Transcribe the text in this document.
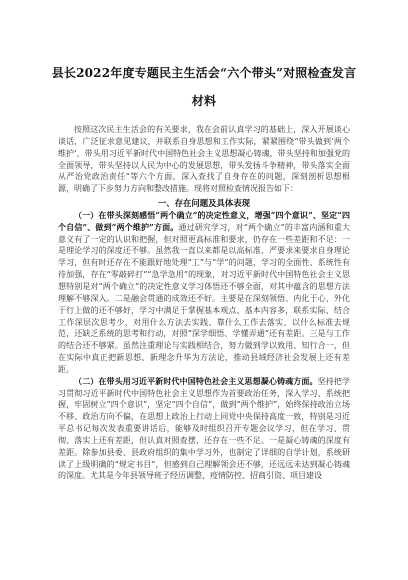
县长2022年度专题民主生活会“六个带头”对照检查发言
材料

按照这次民主生活会的有关要求，我在会前认真学习的基础上，深入开展谈心谈话，广泛征求意见建议，并联系自身思想和工作实际，紧紧围绕“带头做到‘两个维护’，带头用习近平新时代中国特色社会主义思想凝心铸魂，带头坚持和加强党的全面领导，带头坚持以人民为中心的发展思想，带头发扬斗争精神，带头落实全面从严治党政治责任”等六个方面，深入查找了自身存在的问题，深刻剖析思想根源，明确了下步努力方向和整改措施。现将对照检查情况报告如下：

一、存在问题及具体表现

（一）在带头深刻感悟“两个确立”的决定性意义，增强“四个意识”、坚定“四个自信”、做到“两个维护”方面。通过研究学习，对“两个确立”的丰富内涵和重大意义有了一定的认识和把握，但对照更高标准和要求，仍存在一些差距和不足：一是理论学习的深度还不够。虽然我一直以来都是以高标准、严要求来要求自身理论学习，但有时还存在不能跟好地处理“工”与“学”的问题，学习的全面性、系统性有待加强，存在“零敲碎打”“急学急用”的现象，对习近平新时代中国特色社会主义思想特别是对“两个确立”的决定性意义学习体悟还不够全面，对其中蕴含的思想方法理解不够深入。二是融会贯通的成效还不好。主要是在深刻领悟、内化于心、外化于行上做的还不够好，学习中满足于掌握基本观点、基本内容多，联系实际、结合工作深层次思考少，对用什么方法去实践、靠什么工作去落实、以什么标准去规范，还缺乏系统的思考和行动，对照“深学细悟、学懂弄通”还有差距。三是与工作的结合还不够紧。虽然注重理论与实践相结合，努力做到学以致用、知行合一，但在实际中真正把新思想、新理念升华为方法论，推动县域经济社会发展上还有差距。

（二）在带头用习近平新时代中国特色社会主义思想凝心铸魂方面。坚持把学习贯彻习近平新时代中国特色社会主义思想作为首要政治任务，深入学习、系统把握，牢固树立“四个意识”，坚定“四个自信”，做到“两个维护”，始终保持政治立场不移、政治方向不偏，在思想上政治上行动上同党中央保持高度一致，特别是习近平总书记每次发表重要讲话后，能够及时组织召开专题会议学习，但在学习、贯彻、落实上还有差距，但认真对照查摆，还存在一些不足。一是凝心铸魂的深度有差距。除参加县委、县政府组织的集中学习外，也制定了详细的自学计划，系统研读了上级明确的“规定书目”，但感到自己理解领会还不够，还远远未达到凝心铸魂的深度。尤其是今年县领导班子经历调整，疫情防控、招商引资、项目建设
